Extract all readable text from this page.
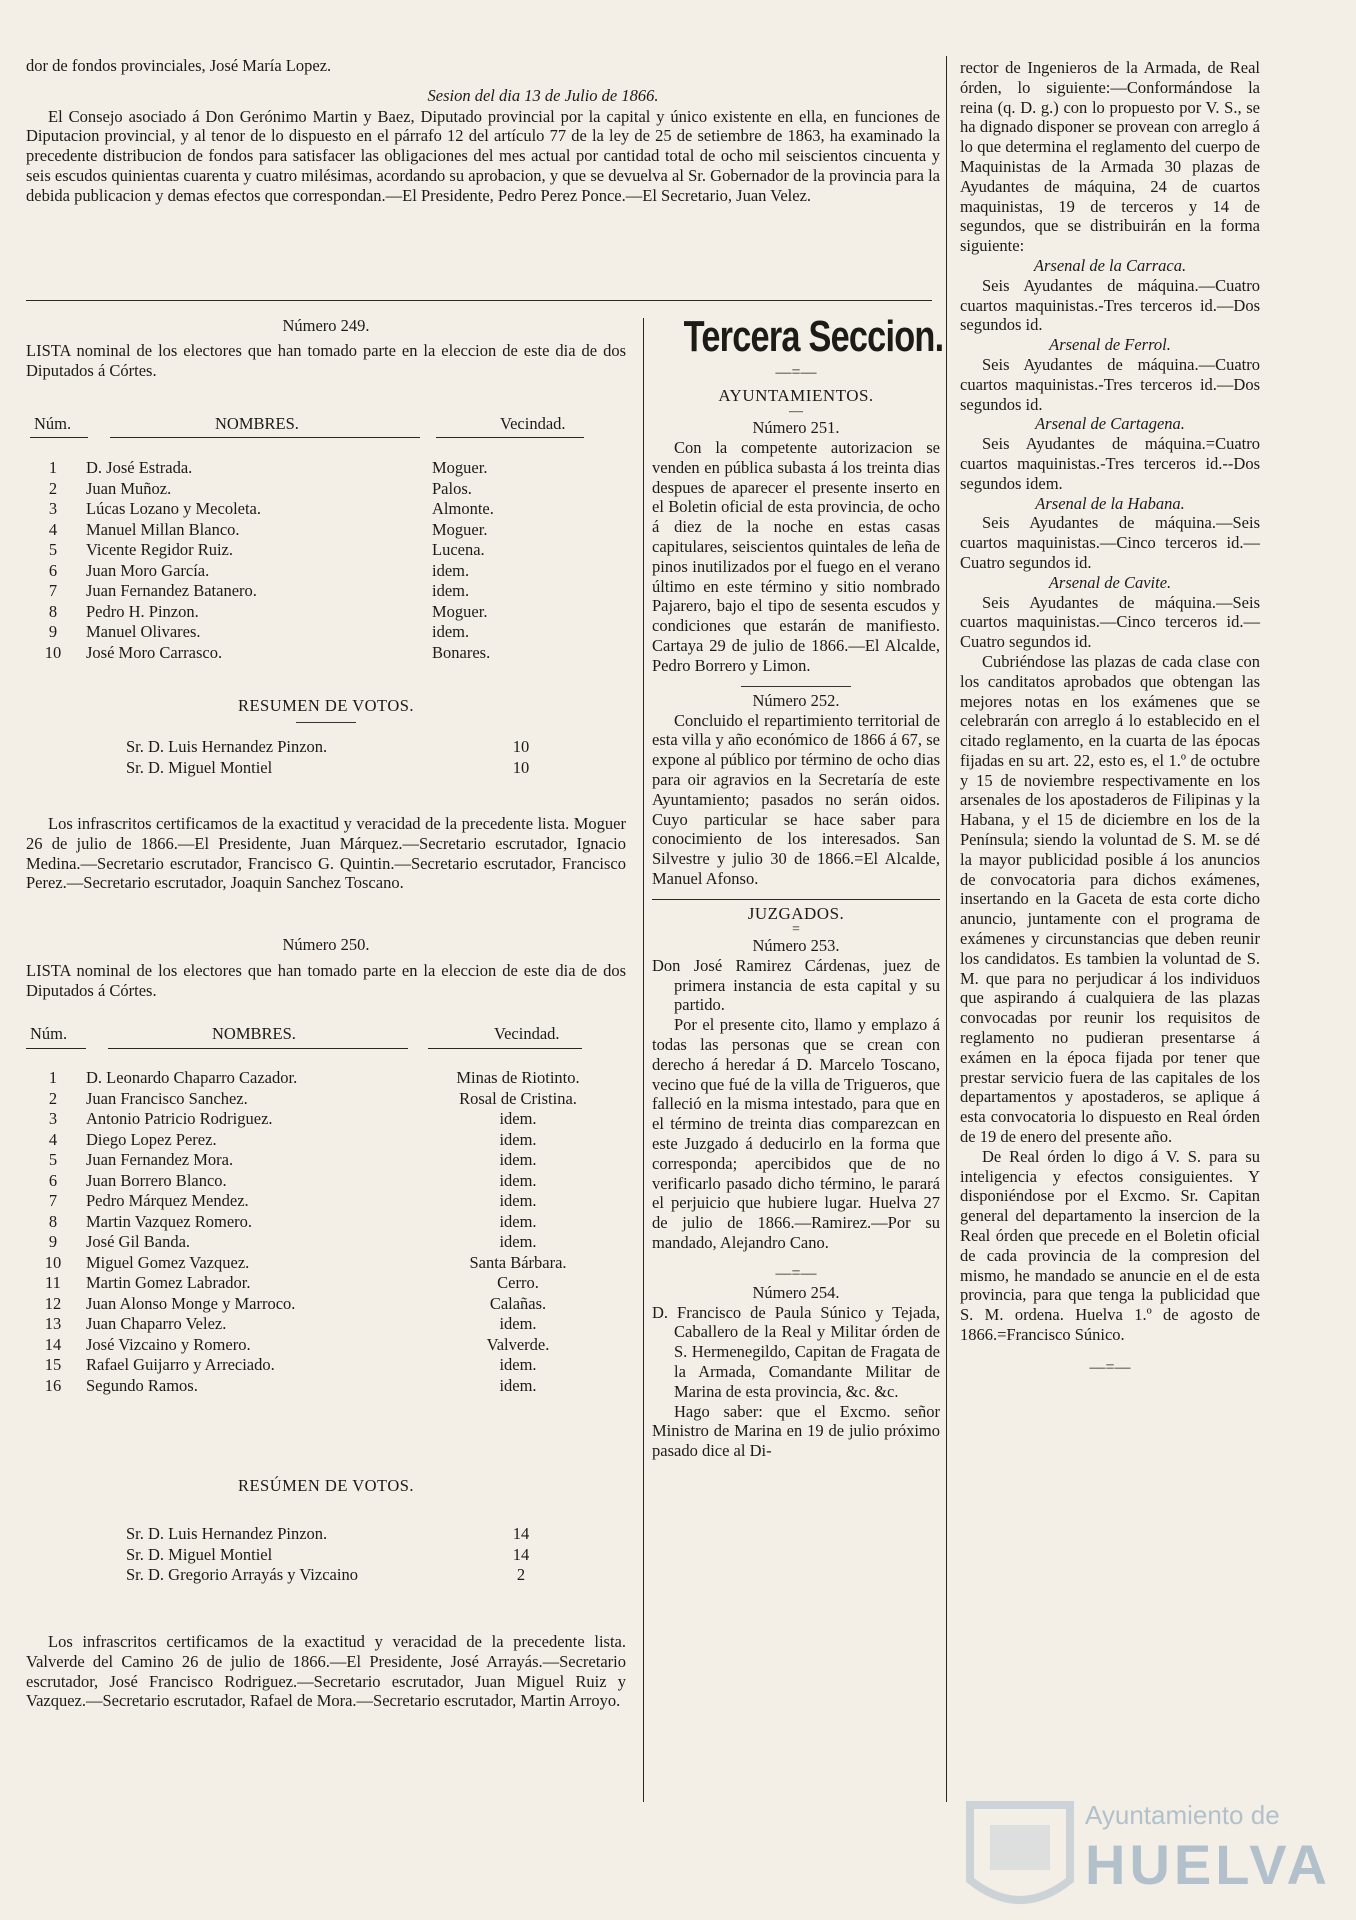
dor de fondos provinciales, José María Lopez.

Sesion del dia 13 de Julio de 1866.

El Consejo asociado á Don Gerónimo Martin y Baez, Diputado provincial por la capital y único existente en ella, en funciones de Diputacion provincial, y al tenor de lo dispuesto en el párrafo 12 del artículo 77 de la ley de 25 de setiembre de 1863, ha examinado la precedente distribucion de fondos para satisfacer las obligaciones del mes actual por cantidad total de ocho mil seiscientos cincuenta y seis escudos quinientas cuarenta y cuatro milésimas, acordando su aprobacion, y que se devuelva al Sr. Gobernador de la provincia para la debida publicacion y demas efectos que correspondan.—El Presidente, Pedro Perez Ponce.—El Secretario, Juan Velez.

Número 249.

LISTA nominal de los electores que han tomado parte en la eleccion de este dia de dos Diputados á Córtes.

Núm.	NOMBRES.	Vecindad.
1	D. José Estrada.	Moguer.
2	Juan Muñoz.	Palos.
3	Lúcas Lozano y Mecoleta.	Almonte.
4	Manuel Millan Blanco.	Moguer.
5	Vicente Regidor Ruiz.	Lucena.
6	Juan Moro García.	idem.
7	Juan Fernandez Batanero.	idem.
8	Pedro H. Pinzon.	Moguer.
9	Manuel Olivares.	idem.
10	José Moro Carrasco.	Bonares.
RESUMEN DE VOTOS.
Sr. D. Luis Hernandez Pinzon.	10
Sr. D. Miguel Montiel	10

Los infrascritos certificamos de la exactitud y veracidad de la precedente lista. Moguer 26 de julio de 1866.—El Presidente, Juan Márquez.—Secretario escrutador, Ignacio Medina.—Secretario escrutador, Francisco G. Quintin.—Secretario escrutador, Francisco Perez.—Secretario escrutador, Joaquin Sanchez Toscano.

Número 250.

LISTA nominal de los electores que han tomado parte en la eleccion de este dia de dos Diputados á Córtes.

Núm.	NOMBRES.	Vecindad.
1	D. Leonardo Chaparro Cazador.	Minas de Riotinto.
2	Juan Francisco Sanchez.	Rosal de Cristina.
3	Antonio Patricio Rodriguez.	idem.
4	Diego Lopez Perez.	idem.
5	Juan Fernandez Mora.	idem.
6	Juan Borrero Blanco.	idem.
7	Pedro Márquez Mendez.	idem.
8	Martin Vazquez Romero.	idem.
9	José Gil Banda.	idem.
10	Miguel Gomez Vazquez.	Santa Bárbara.
11	Martin Gomez Labrador.	Cerro.
12	Juan Alonso Monge y Marroco.	Calañas.
13	Juan Chaparro Velez.	idem.
14	José Vizcaino y Romero.	Valverde.
15	Rafael Guijarro y Arreciado.	idem.
16	Segundo Ramos.	idem.
RESÚMEN DE VOTOS.
Sr. D. Luis Hernandez Pinzon.	14
Sr. D. Miguel Montiel	14
Sr. D. Gregorio Arrayás y Vizcaino	2

Los infrascritos certificamos de la exactitud y veracidad de la precedente lista. Valverde del Camino 26 de julio de 1866.—El Presidente, José Arrayás.—Secretario escrutador, José Francisco Rodriguez.—Secretario escrutador, Juan Miguel Ruiz y Vazquez.—Secretario escrutador, Rafael de Mora.—Secretario escrutador, Martin Arroyo.

Tercera Seccion.
—=—
AYUNTAMIENTOS.
—
Número 251.

Con la competente autorizacion se venden en pública subasta á los treinta dias despues de aparecer el presente inserto en el Boletin oficial de esta provincia, de ocho á diez de la noche en estas casas capitulares, seiscientos quintales de leña de pinos inutilizados por el fuego en el verano último en este término y sitio nombrado Pajarero, bajo el tipo de sesenta escudos y condiciones que estarán de manifiesto. Cartaya 29 de julio de 1866.—El Alcalde, Pedro Borrero y Limon.

Número 252.

Concluido el repartimiento territorial de esta villa y año económico de 1866 á 67, se expone al público por término de ocho dias para oir agravios en la Secretaría de este Ayuntamiento; pasados no serán oidos. Cuyo particular se hace saber para conocimiento de los interesados. San Silvestre y julio 30 de 1866.=El Alcalde, Manuel Afonso.

JUZGADOS.
=
Número 253.

Don José Ramirez Cárdenas, juez de primera instancia de esta capital y su partido.

Por el presente cito, llamo y emplazo á todas las personas que se crean con derecho á heredar á D. Marcelo Toscano, vecino que fué de la villa de Trigueros, que falleció en la misma intestado, para que en el término de treinta dias comparezcan en este Juzgado á deducirlo en la forma que corresponda; apercibidos que de no verificarlo pasado dicho término, le parará el perjuicio que hubiere lugar. Huelva 27 de julio de 1866.—Ramirez.—Por su mandado, Alejandro Cano.

—=—
Número 254.

D. Francisco de Paula Súnico y Tejada, Caballero de la Real y Militar órden de S. Hermenegildo, Capitan de Fragata de la Armada, Comandante Militar de Marina de esta provincia, &c. &c.

Hago saber: que el Excmo. señor Ministro de Marina en 19 de julio próximo pasado dice al Di-

rector de Ingenieros de la Armada, de Real órden, lo siguiente:—Conformándose la reina (q. D. g.) con lo propuesto por V. S., se ha dignado disponer se provean con arreglo á lo que determina el reglamento del cuerpo de Maquinistas de la Armada 30 plazas de Ayudantes de máquina, 24 de cuartos maquinistas, 19 de terceros y 14 de segundos, que se distribuirán en la forma siguiente:

Arsenal de la Carraca.

Seis Ayudantes de máquina.—Cuatro cuartos maquinistas.-Tres terceros id.—Dos segundos id.

Arsenal de Ferrol.

Seis Ayudantes de máquina.—Cuatro cuartos maquinistas.-Tres terceros id.—Dos segundos id.

Arsenal de Cartagena.

Seis Ayudantes de máquina.=Cuatro cuartos maquinistas.-Tres terceros id.--Dos segundos idem.

Arsenal de la Habana.

Seis Ayudantes de máquina.—Seis cuartos maquinistas.—Cinco terceros id.—Cuatro segundos id.

Arsenal de Cavite.

Seis Ayudantes de máquina.—Seis cuartos maquinistas.—Cinco terceros id.—Cuatro segundos id.

Cubriéndose las plazas de cada clase con los canditatos aprobados que obtengan las mejores notas en los exámenes que se celebrarán con arreglo á lo establecido en el citado reglamento, en la cuarta de las épocas fijadas en su art. 22, esto es, el 1.º de octubre y 15 de noviembre respectivamente en los arsenales de los apostaderos de Filipinas y la Habana, y el 15 de diciembre en los de la Península; siendo la voluntad de S. M. se dé la mayor publicidad posible á los anuncios de convocatoria para dichos exámenes, insertando en la Gaceta de esta corte dicho anuncio, juntamente con el programa de exámenes y circunstancias que deben reunir los candidatos. Es tambien la voluntad de S. M. que para no perjudicar á los individuos que aspirando á cualquiera de las plazas convocadas por reunir los requisitos de reglamento no pudieran presentarse á exámen en la época fijada por tener que prestar servicio fuera de las capitales de los departamentos y apostaderos, se aplique á esta convocatoria lo dispuesto en Real órden de 19 de enero del presente año.

De Real órden lo digo á V. S. para su inteligencia y efectos consiguientes. Y disponiéndose por el Excmo. Sr. Capitan general del departamento la insercion de la Real órden que precede en el Boletin oficial de cada provincia de la compresion del mismo, he mandado se anuncie en el de esta provincia, para que tenga la publicidad que S. M. ordena. Huelva 1.º de agosto de 1866.=Francisco Súnico.

—=—
Ayuntamiento de
HUELVA
